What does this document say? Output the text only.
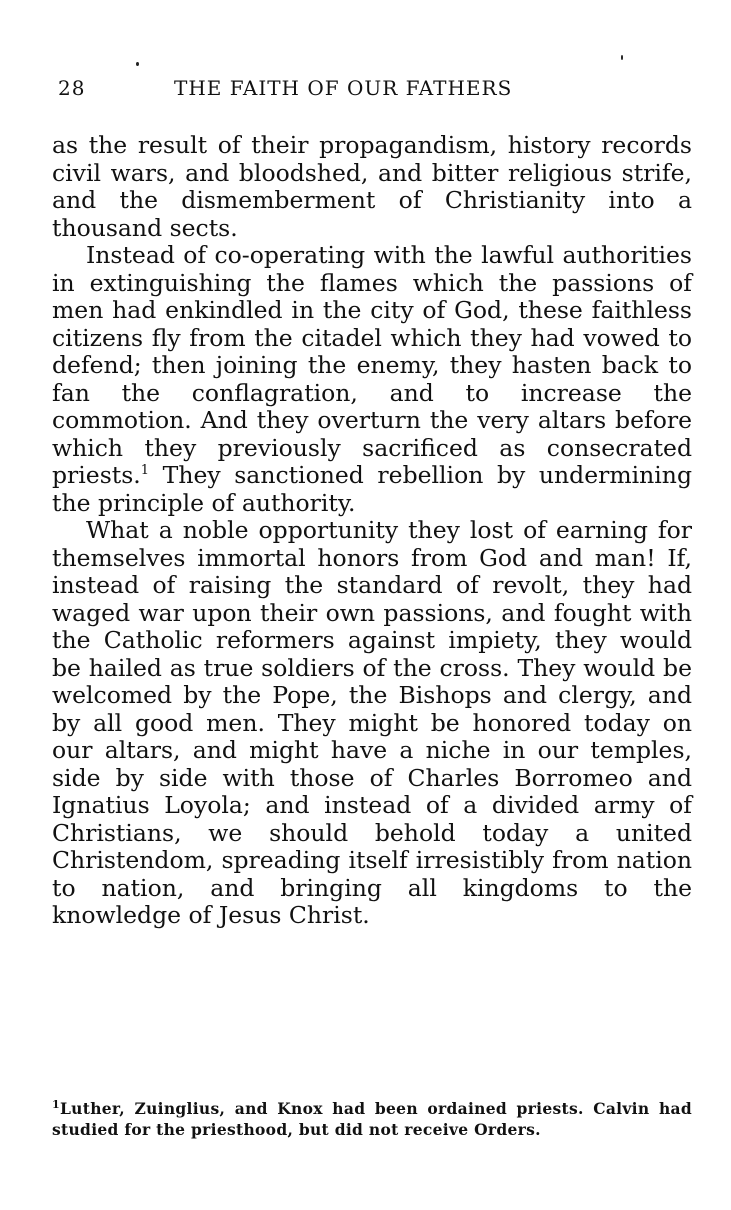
28	THE FAITH OF OUR FATHERS

as the result of their propagandism, history records civil wars, and bloodshed, and bitter religious strife, and the dismemberment of Christianity into a thousand sects.

Instead of co-operating with the lawful authorities in extinguishing the flames which the passions of men had enkindled in the city of God, these faithless citizens fly from the citadel which they had vowed to defend; then joining the enemy, they hasten back to fan the conflagration, and to increase the commotion. And they overturn the very altars before which they previously sacrificed as consecrated priests.$^1$ They sanctioned rebellion by undermining the principle of authority.

What a noble opportunity they lost of earning for themselves immortal honors from God and man! If, instead of raising the standard of revolt, they had waged war upon their own passions, and fought with the Catholic reformers against impiety, they would be hailed as true soldiers of the cross. They would be welcomed by the Pope, the Bishops and clergy, and by all good men. They might be honored today on our altars, and might have a niche in our temples, side by side with those of Charles Borromeo and Ignatius Loyola; and instead of a divided army of Christians, we should behold today a united Christendom, spreading itself irresistibly from nation to nation, and bringing all kingdoms to the knowledge of Jesus Christ.

$^1$Luther, Zuinglius, and Knox had been ordained priests. Calvin had studied for the priesthood, but did not receive Orders.
